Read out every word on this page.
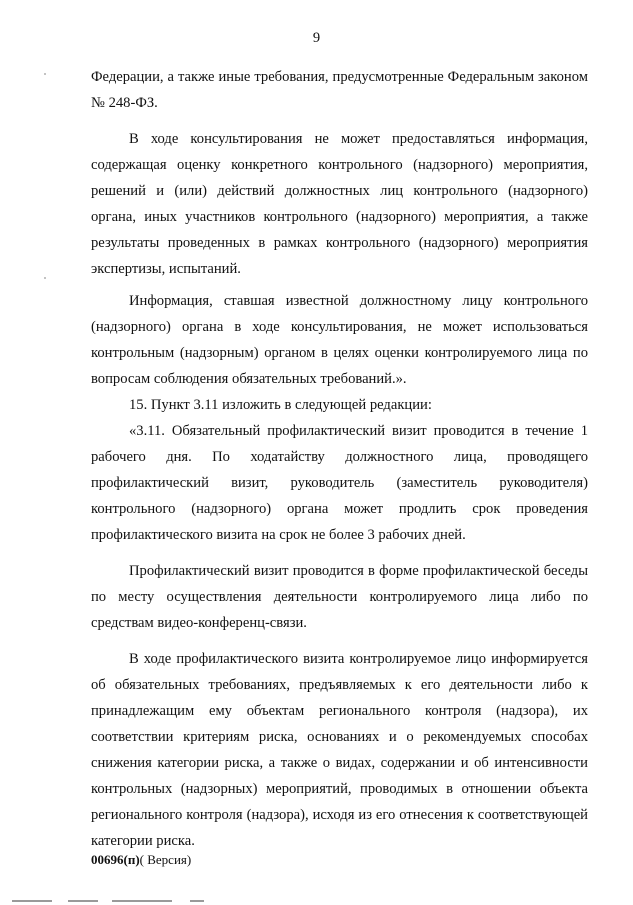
9

Федерации, а также иные требования, предусмотренные Федеральным законом № 248-ФЗ.

В ходе консультирования не может предоставляться информация, содержащая оценку конкретного контрольного (надзорного) мероприятия, решений и (или) действий должностных лиц контрольного (надзорного) органа, иных участников контрольного (надзорного) мероприятия, а также результаты проведенных в рамках контрольного (надзорного) мероприятия экспертизы, испытаний.

Информация, ставшая известной должностному лицу контрольного (надзорного) органа в ходе консультирования, не может использоваться контрольным (надзорным) органом в целях оценки контролируемого лица по вопросам соблюдения обязательных требований.».

15. Пункт 3.11 изложить в следующей редакции:

«3.11. Обязательный профилактический визит проводится в течение 1 рабочего дня. По ходатайству должностного лица, проводящего профилактический визит, руководитель (заместитель руководителя) контрольного (надзорного) органа может продлить срок проведения профилактического визита на срок не более 3 рабочих дней.

Профилактический визит проводится в форме профилактической беседы по месту осуществления деятельности контролируемого лица либо по средствам видео-конференц-связи.

В ходе профилактического визита контролируемое лицо информируется об обязательных требованиях, предъявляемых к его деятельности либо к принадлежащим ему объектам регионального контроля (надзора), их соответствии критериям риска, основаниях и о рекомендуемых способах снижения категории риска, а также о видах, содержании и об интенсивности контрольных (надзорных) мероприятий, проводимых в отношении объекта регионального контроля (надзора), исходя из его отнесения к соответствующей категории риска.

00696(п)( Версия)
